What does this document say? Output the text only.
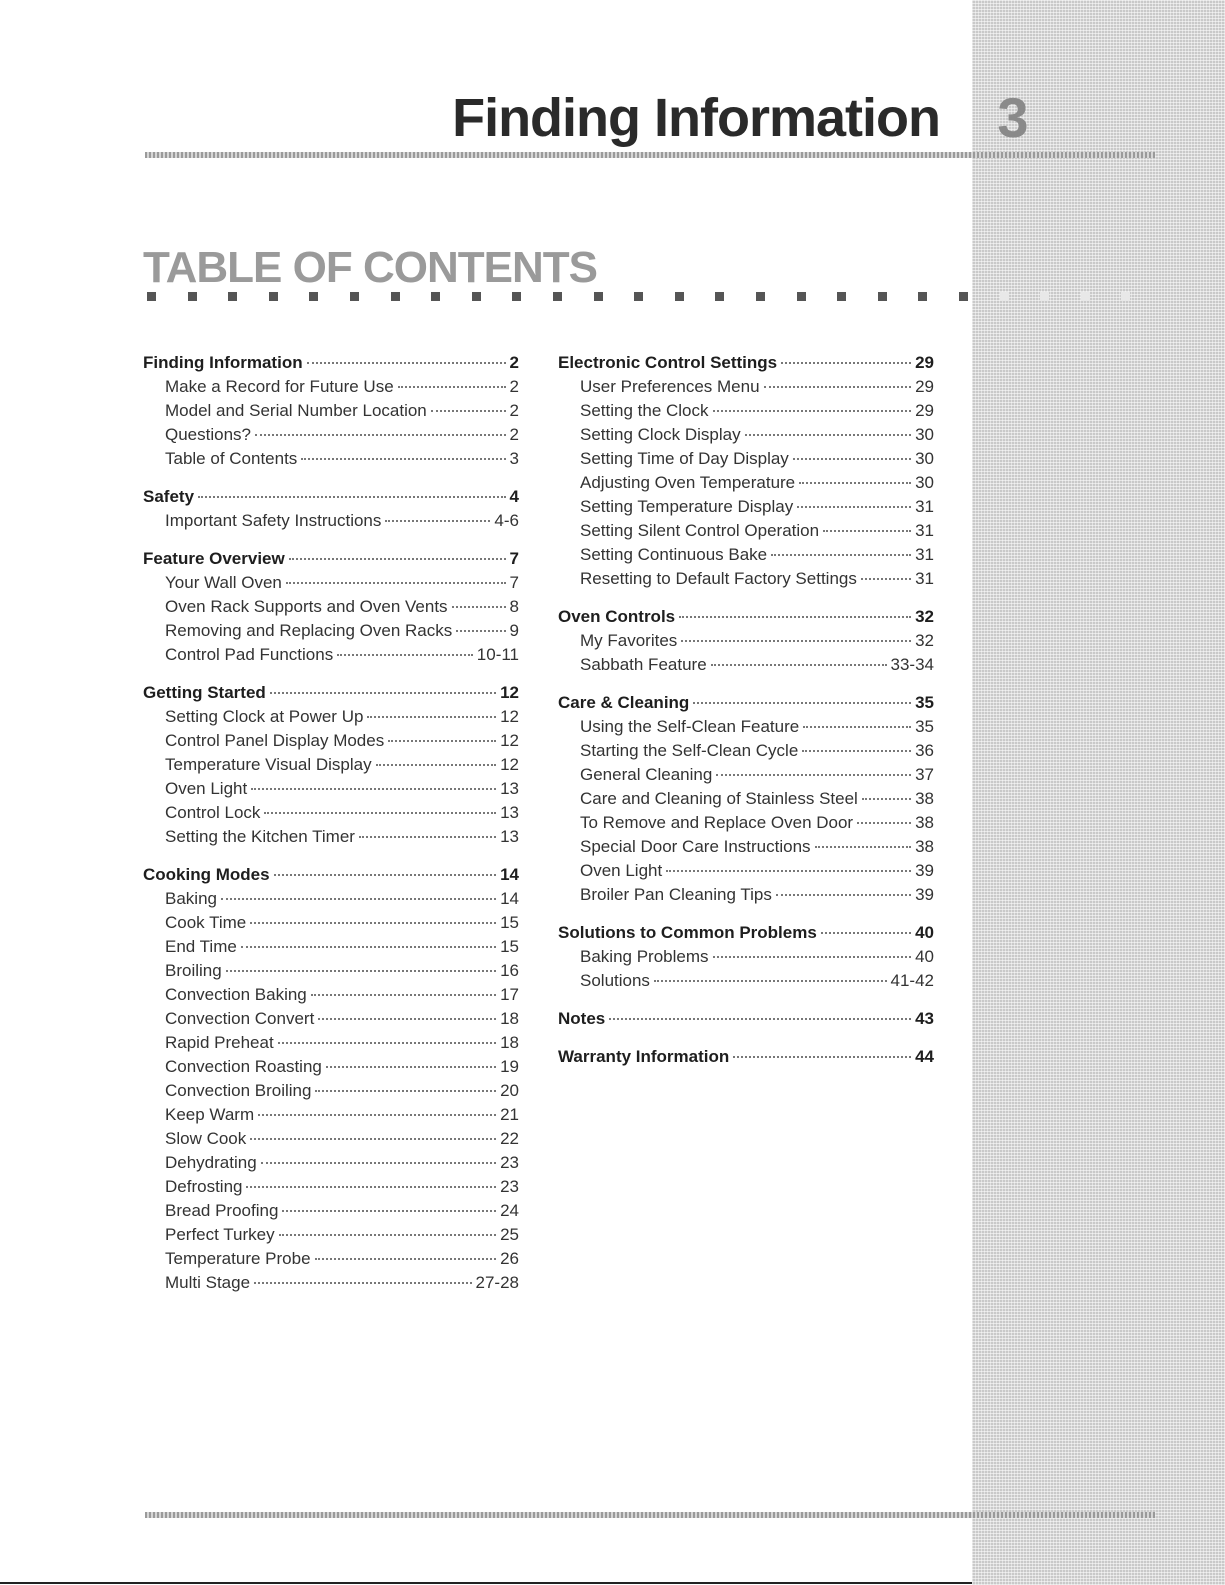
Finding Information 3
TABLE OF CONTENTS
Finding Information	2
Make a Record for Future Use	2
Model and Serial Number Location	2
Questions?	2
Table of Contents	3
Safety	4
Important Safety Instructions	4-6
Feature Overview	7
Your Wall Oven	7
Oven Rack Supports and Oven Vents	8
Removing and Replacing Oven Racks	9
Control Pad Functions	10-11
Getting Started	12
Setting Clock at Power Up	12
Control Panel Display Modes	12
Temperature Visual Display	12
Oven Light	13
Control Lock	13
Setting the Kitchen Timer	13
Cooking Modes	14
Baking	14
Cook Time	15
End Time	15
Broiling	16
Convection Baking	17
Convection Convert	18
Rapid Preheat	18
Convection Roasting	19
Convection Broiling	20
Keep Warm	21
Slow Cook	22
Dehydrating	23
Defrosting	23
Bread Proofing	24
Perfect Turkey	25
Temperature Probe	26
Multi Stage	27-28
Electronic Control Settings	29
User Preferences Menu	29
Setting the Clock	29
Setting Clock Display	30
Setting Time of Day Display	30
Adjusting Oven Temperature	30
Setting Temperature Display	31
Setting Silent Control Operation	31
Setting Continuous Bake	31
Resetting to Default Factory Settings	31
Oven Controls	32
My Favorites	32
Sabbath Feature	33-34
Care & Cleaning	35
Using the Self-Clean Feature	35
Starting the Self-Clean Cycle	36
General Cleaning	37
Care and Cleaning of Stainless Steel	38
To Remove and Replace Oven Door	38
Special Door Care Instructions	38
Oven Light	39
Broiler Pan Cleaning Tips	39
Solutions to Common Problems	40
Baking Problems	40
Solutions	41-42
Notes	43
Warranty Information	44
